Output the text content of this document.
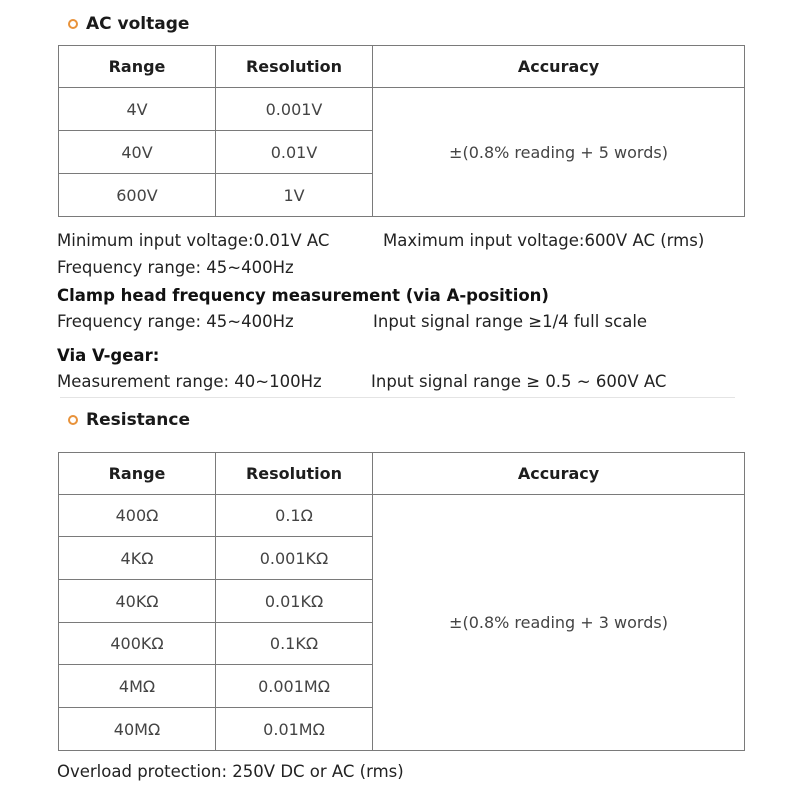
AC voltage
Range	Resolution	Accuracy
4V	0.001V	±(0.8% reading + 5 words)
40V	0.01V	
600V	1V	
Minimum input voltage:0.01V AC	Maximum input voltage:600V AC (rms)
Frequency range: 45~400Hz
Clamp head frequency measurement (via A-position)
Frequency range: 45~400Hz	Input signal range ≥1/4 full scale
Via V-gear:
Measurement range: 40~100Hz	Input signal range ≥ 0.5 ~ 600V AC
Resistance
Range	Resolution	Accuracy
400Ω	0.1Ω	±(0.8% reading + 3 words)
4KΩ	0.001KΩ	
40KΩ	0.01KΩ	
400KΩ	0.1KΩ	
4MΩ	0.001MΩ	
40MΩ	0.01MΩ	
Overload protection: 250V DC or AC (rms)
